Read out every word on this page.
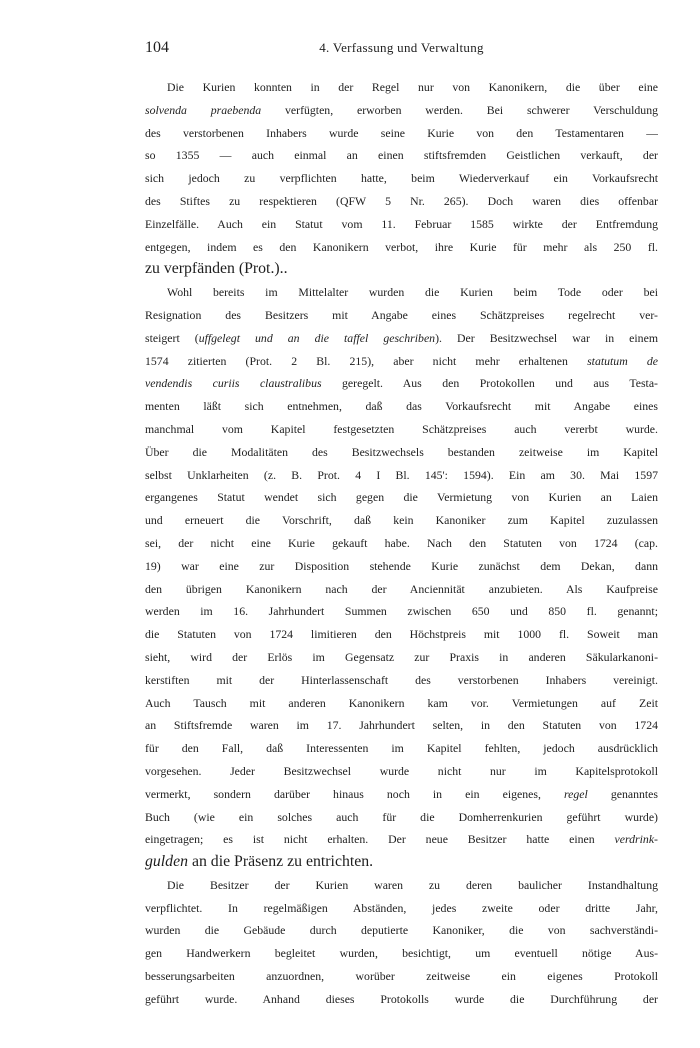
104	4. Verfassung und Verwaltung
Die Kurien konnten in der Regel nur von Kanonikern, die über eine
solvenda praebenda verfügten, erworben werden. Bei schwerer Verschuldung
des verstorbenen Inhabers wurde seine Kurie von den Testamentaren —
so 1355 — auch einmal an einen stiftsfremden Geistlichen verkauft, der
sich jedoch zu verpflichten hatte, beim Wiederverkauf ein Vorkaufsrecht
des Stiftes zu respektieren (QFW 5 Nr. 265). Doch waren dies offenbar
Einzelfälle. Auch ein Statut vom 11. Februar 1585 wirkte der Entfremdung
entgegen, indem es den Kanonikern verbot, ihre Kurie für mehr als 250 fl.
zu verpfänden (Prot.)..
Wohl bereits im Mittelalter wurden die Kurien beim Tode oder bei
Resignation des Besitzers mit Angabe eines Schätzpreises regelrecht ver-
steigert (uffgelegt und an die taffel geschriben). Der Besitzwechsel war in einem
1574 zitierten (Prot. 2 Bl. 215), aber nicht mehr erhaltenen statutum de
vendendis curiis claustralibus geregelt. Aus den Protokollen und aus Testa-
menten läßt sich entnehmen, daß das Vorkaufsrecht mit Angabe eines
manchmal vom Kapitel festgesetzten Schätzpreises auch vererbt wurde.
Über die Modalitäten des Besitzwechsels bestanden zeitweise im Kapitel
selbst Unklarheiten (z. B. Prot. 4 I Bl. 145': 1594). Ein am 30. Mai 1597
ergangenes Statut wendet sich gegen die Vermietung von Kurien an Laien
und erneuert die Vorschrift, daß kein Kanoniker zum Kapitel zuzulassen
sei, der nicht eine Kurie gekauft habe. Nach den Statuten von 1724 (cap.
19) war eine zur Disposition stehende Kurie zunächst dem Dekan, dann
den übrigen Kanonikern nach der Anciennität anzubieten. Als Kaufpreise
werden im 16. Jahrhundert Summen zwischen 650 und 850 fl. genannt;
die Statuten von 1724 limitieren den Höchstpreis mit 1000 fl. Soweit man
sieht, wird der Erlös im Gegensatz zur Praxis in anderen Säkularkanoni-
kerstiften mit der Hinterlassenschaft des verstorbenen Inhabers vereinigt.
Auch Tausch mit anderen Kanonikern kam vor. Vermietungen auf Zeit
an Stiftsfremde waren im 17. Jahrhundert selten, in den Statuten von 1724
für den Fall, daß Interessenten im Kapitel fehlten, jedoch ausdrücklich
vorgesehen. Jeder Besitzwechsel wurde nicht nur im Kapitelsprotokoll
vermerkt, sondern darüber hinaus noch in ein eigenes, regel genanntes
Buch (wie ein solches auch für die Domherrenkurien geführt wurde)
eingetragen; es ist nicht erhalten. Der neue Besitzer hatte einen verdrink-
gulden an die Präsenz zu entrichten.
Die Besitzer der Kurien waren zu deren baulicher Instandhaltung
verpflichtet. In regelmäßigen Abständen, jedes zweite oder dritte Jahr,
wurden die Gebäude durch deputierte Kanoniker, die von sachverständi-
gen Handwerkern begleitet wurden, besichtigt, um eventuell nötige Aus-
besserungsarbeiten anzuordnen, worüber zeitweise ein eigenes Protokoll
geführt wurde. Anhand dieses Protokolls wurde die Durchführung der
